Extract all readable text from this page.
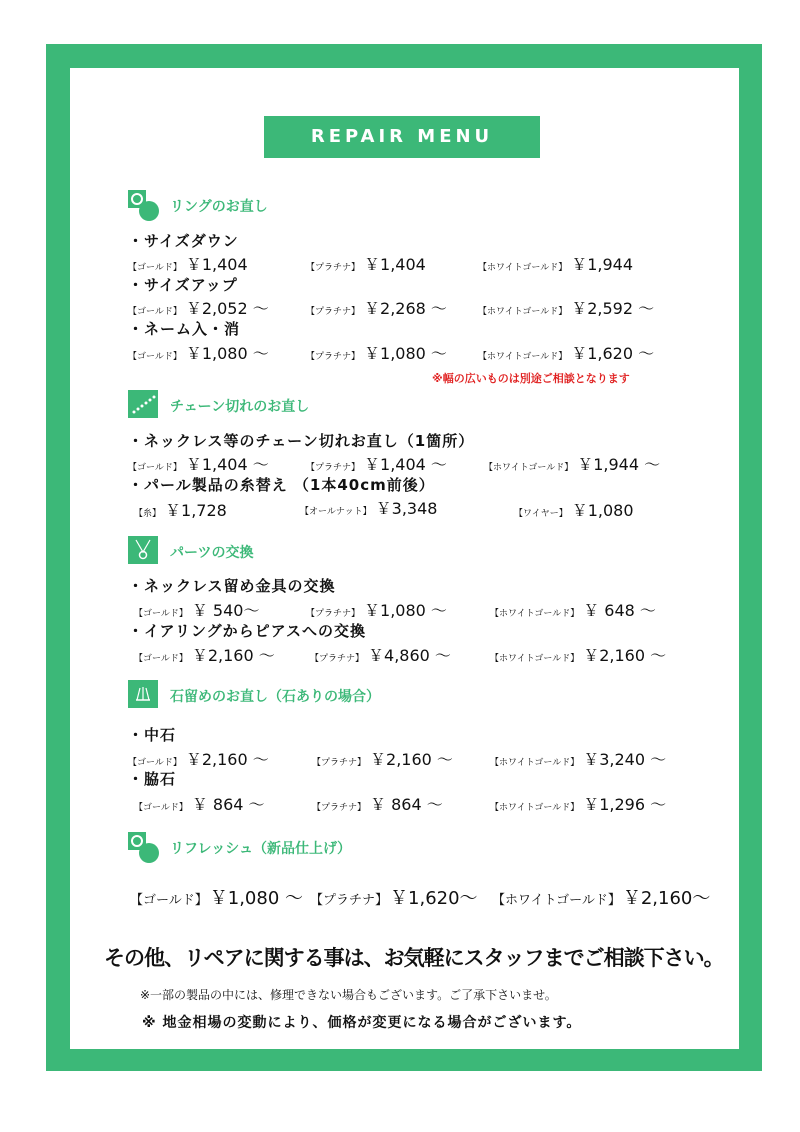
REPAIR MENU
リングのお直し
・サイズダウン
【ゴールド】 ￥1,404	【プラチナ】 ￥1,404	【ホワイトゴールド】 ￥1,944
・サイズアップ
【ゴールド】 ￥2,052 ～	【プラチナ】 ￥2,268 ～	【ホワイトゴールド】 ￥2,592 ～
・ネーム入・消
【ゴールド】 ￥1,080 ～	【プラチナ】 ￥1,080 ～	【ホワイトゴールド】 ￥1,620 ～
※幅の広いものは別途ご相談となります
チェーン切れのお直し
・ネックレス等のチェーン切れお直し（1箇所）
【ゴールド】 ￥1,404 ～	【プラチナ】 ￥1,404 ～	【ホワイトゴールド】 ￥1,944 ～
・パール製品の糸替え （1本40cm前後）
【糸】 ￥1,728	【オールナット】 ￥3,348	【ワイヤー】 ￥1,080
パーツの交換
・ネックレス留め金具の交換
【ゴールド】 ￥ 540～	【プラチナ】 ￥1,080 ～	【ホワイトゴールド】 ￥ 648 ～
・イアリングからピアスへの交換
【ゴールド】 ￥2,160 ～	【プラチナ】 ￥4,860 ～	【ホワイトゴールド】 ￥2,160 ～
石留めのお直し（石ありの場合）
・中石
【ゴールド】 ￥2,160 ～	【プラチナ】 ￥2,160 ～	【ホワイトゴールド】 ￥3,240 ～
・脇石
【ゴールド】 ￥ 864 ～	【プラチナ】 ￥ 864 ～	【ホワイトゴールド】 ￥1,296 ～
リフレッシュ（新品仕上げ）
【ゴールド】 ￥1,080 ～ 【プラチナ】 ￥1,620～ 【ホワイトゴールド】 ￥2,160～
その他、リペアに関する事は、お気軽にスタッフまでご相談下さい。
※一部の製品の中には、修理できない場合もございます。ご了承下さいませ。
※ 地金相場の変動により、価格が変更になる場合がございます。
